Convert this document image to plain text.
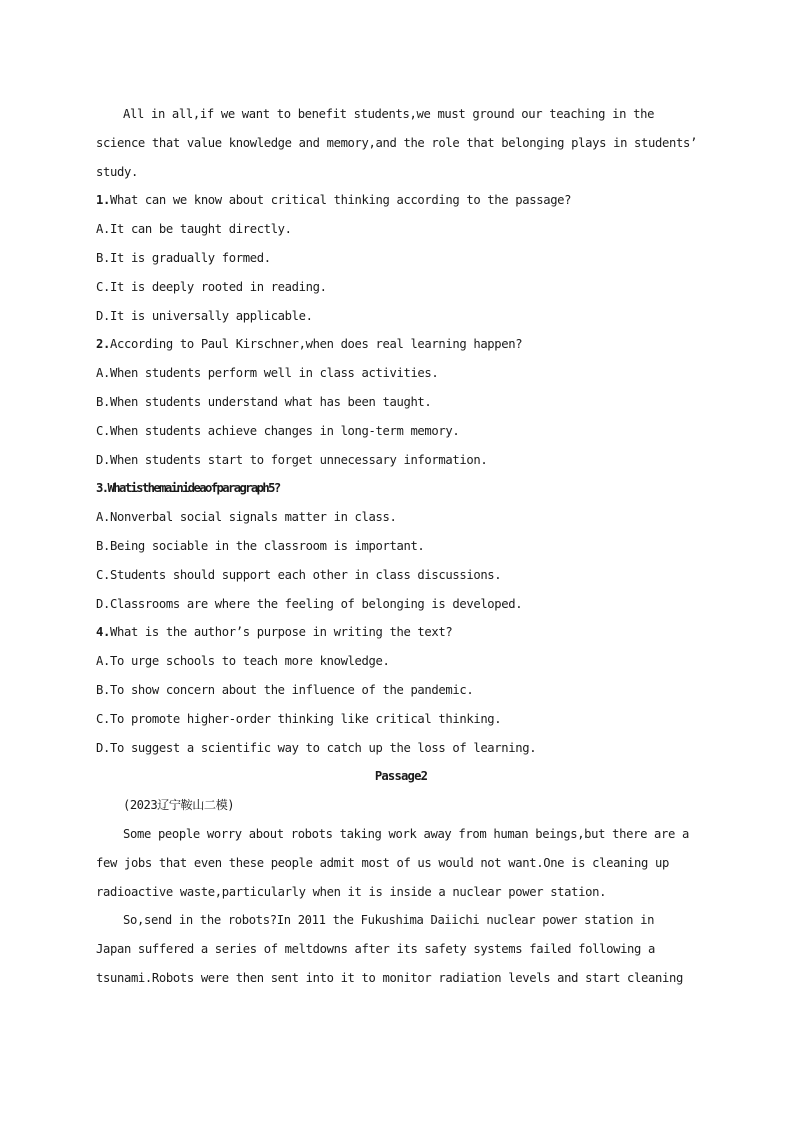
All in all,if we want to benefit students,we must ground our teaching in the
science that value knowledge and memory,and the role that belonging plays in students’
study.
1.What can we know about critical thinking according to the passage?
A.It can be taught directly.
B.It is gradually formed.
C.It is deeply rooted in reading.
D.It is universally applicable.
2.According to Paul Kirschner,when does real learning happen?
A.When students perform well in class activities.
B.When students understand what has been taught.
C.When students achieve changes in long-term memory.
D.When students start to forget unnecessary information.
3.Whatisthemainideaofparagraph5?
A.Nonverbal social signals matter in class.
B.Being sociable in the classroom is important.
C.Students should support each other in class discussions.
D.Classrooms are where the feeling of belonging is developed.
4.What is the author’s purpose in writing the text?
A.To urge schools to teach more knowledge.
B.To show concern about the influence of the pandemic.
C.To promote higher-order thinking like critical thinking.
D.To suggest a scientific way to catch up the loss of learning.
Passage2
(2023辽宁鞍山二模)
Some people worry about robots taking work away from human beings,but there are a
few jobs that even these people admit most of us would not want.One is cleaning up
radioactive waste,particularly when it is inside a nuclear power station.
So,send in the robots?In 2011 the Fukushima Daiichi nuclear power station in
Japan suffered a series of meltdowns after its safety systems failed following a
tsunami.Robots were then sent into it to monitor radiation levels and start cleaning
